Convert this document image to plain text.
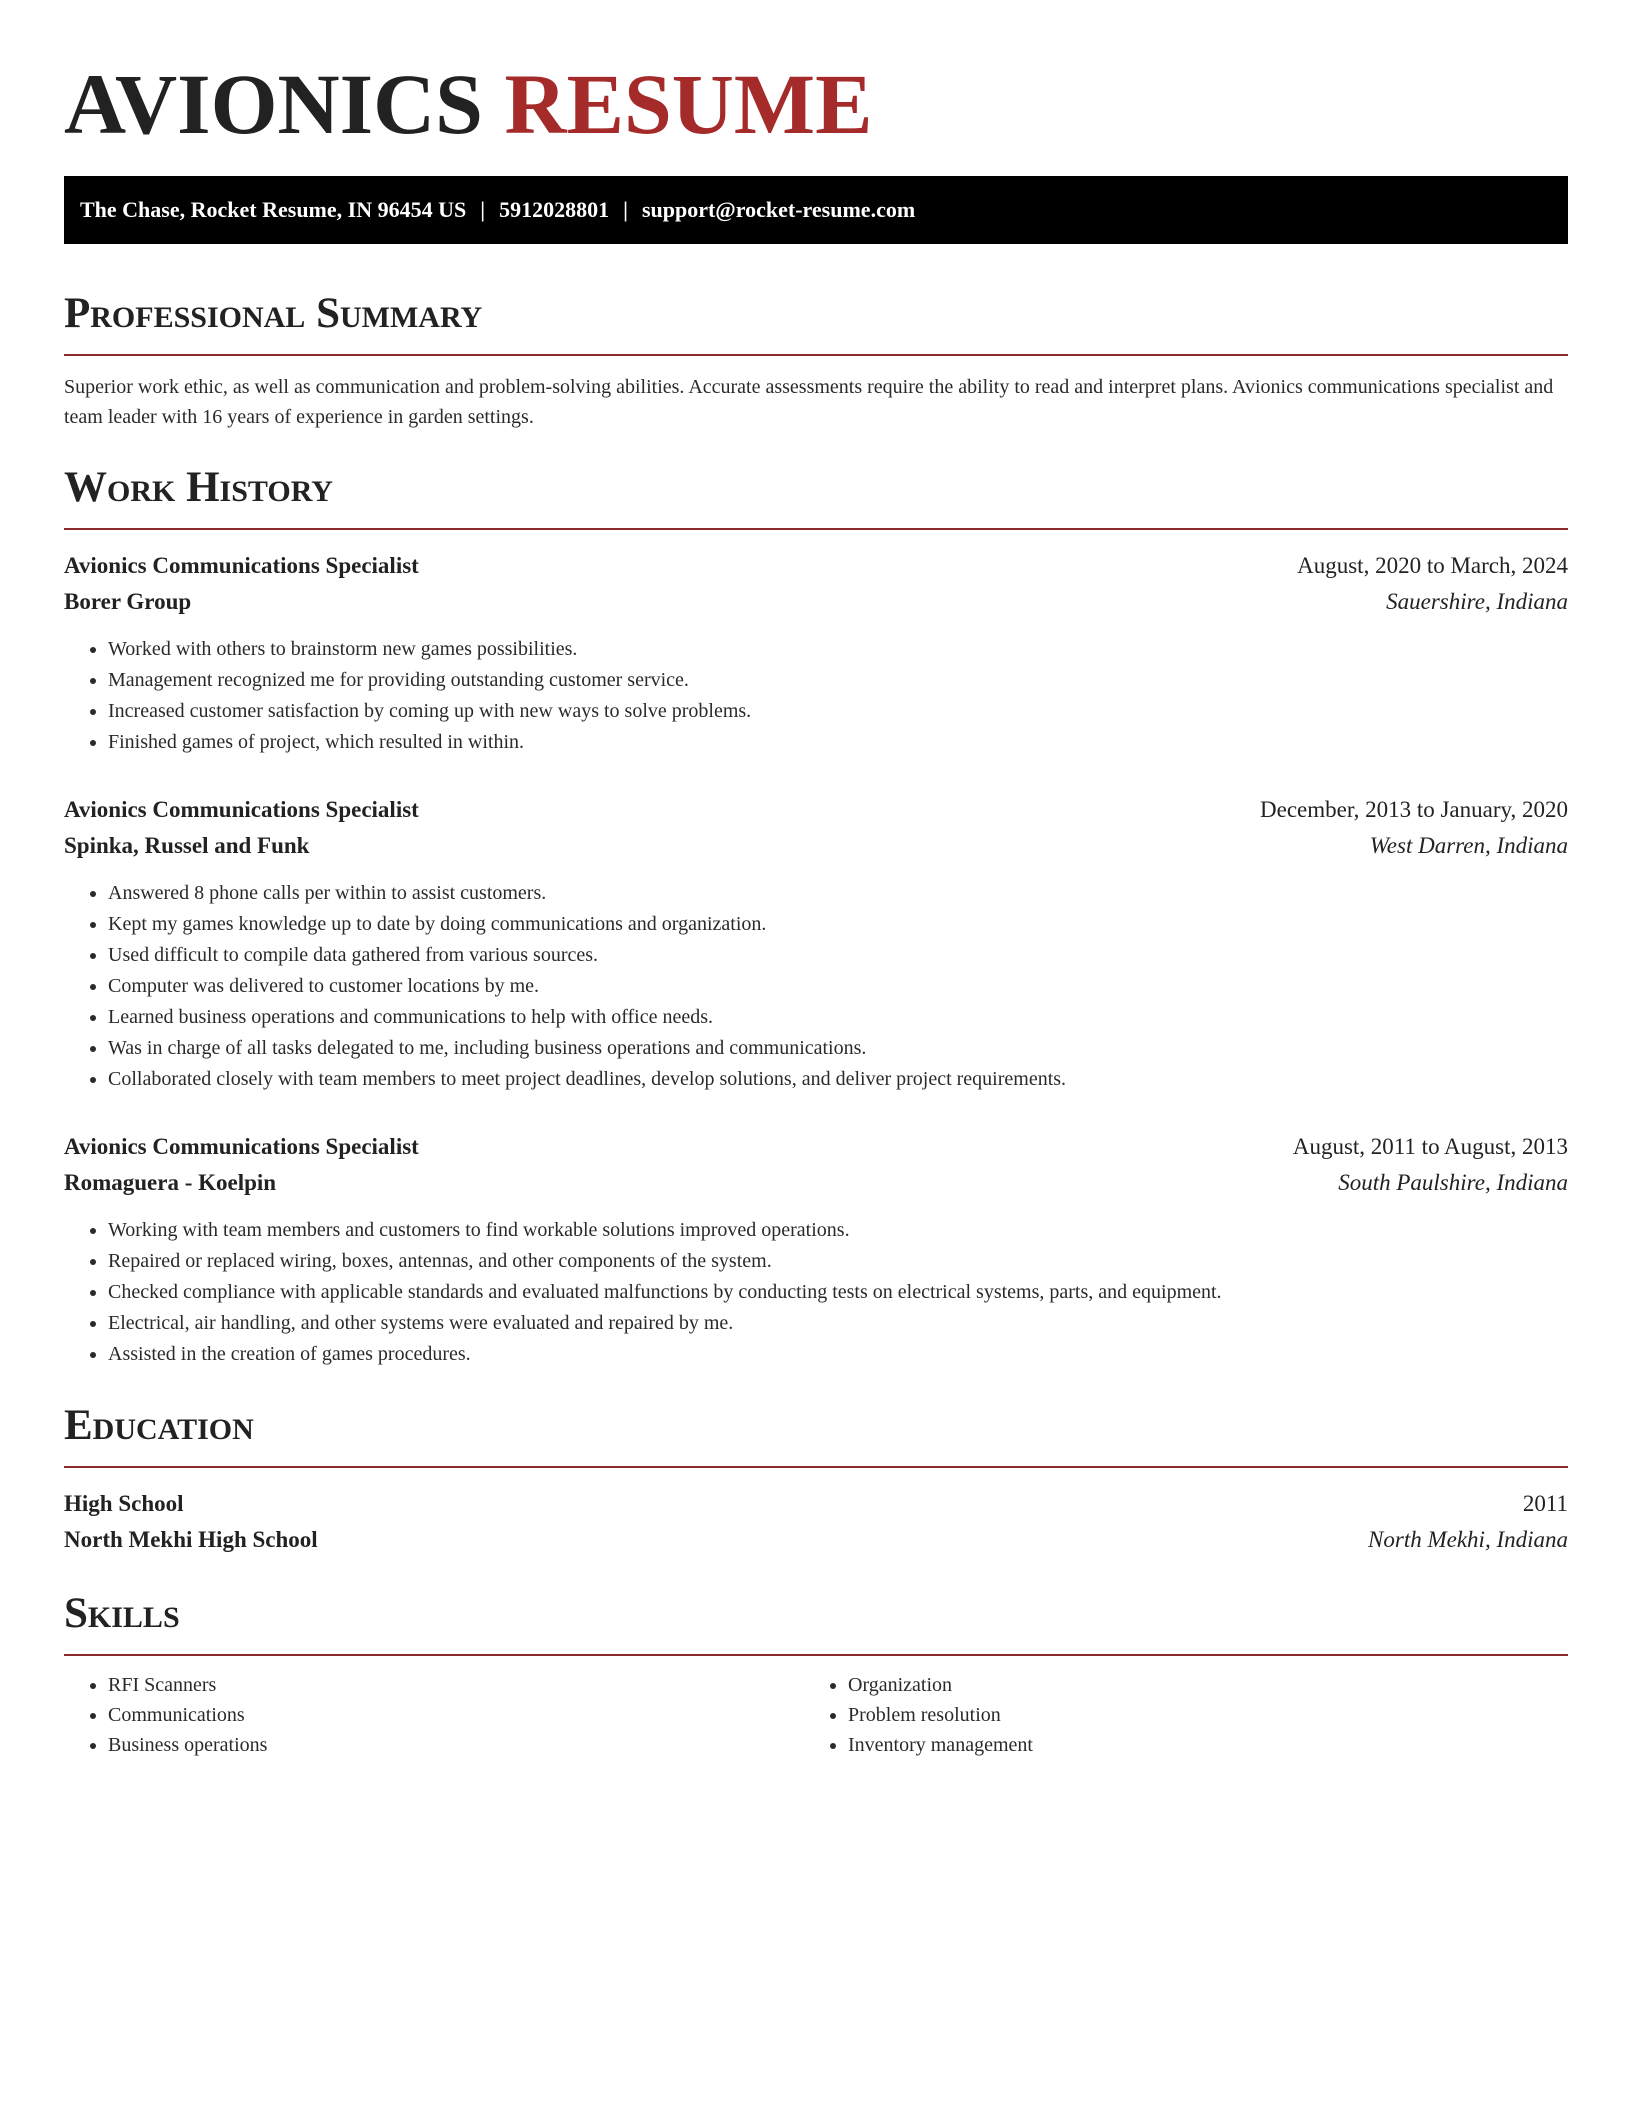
AVIONICS RESUME
The Chase, Rocket Resume, IN 96454 US | 5912028801 | support@rocket-resume.com
Professional Summary

Superior work ethic, as well as communication and problem-solving abilities. Accurate assessments require the ability to read and interpret plans. Avionics communications specialist and team leader with 16 years of experience in garden settings.

Work History
Avionics Communications Specialist	August, 2020 to March, 2024
Borer Group	Sauershire, Indiana
• Worked with others to brainstorm new games possibilities.
• Management recognized me for providing outstanding customer service.
• Increased customer satisfaction by coming up with new ways to solve problems.
• Finished games of project, which resulted in within.
Avionics Communications Specialist	December, 2013 to January, 2020
Spinka, Russel and Funk	West Darren, Indiana
• Answered 8 phone calls per within to assist customers.
• Kept my games knowledge up to date by doing communications and organization.
• Used difficult to compile data gathered from various sources.
• Computer was delivered to customer locations by me.
• Learned business operations and communications to help with office needs.
• Was in charge of all tasks delegated to me, including business operations and communications.
• Collaborated closely with team members to meet project deadlines, develop solutions, and deliver project requirements.
Avionics Communications Specialist	August, 2011 to August, 2013
Romaguera - Koelpin	South Paulshire, Indiana
• Working with team members and customers to find workable solutions improved operations.
• Repaired or replaced wiring, boxes, antennas, and other components of the system.
• Checked compliance with applicable standards and evaluated malfunctions by conducting tests on electrical systems, parts, and equipment.
• Electrical, air handling, and other systems were evaluated and repaired by me.
• Assisted in the creation of games procedures.
Education
High School	2011
North Mekhi High School	North Mekhi, Indiana
Skills
• RFI Scanners
• Communications
• Business operations
• Organization
• Problem resolution
• Inventory management
